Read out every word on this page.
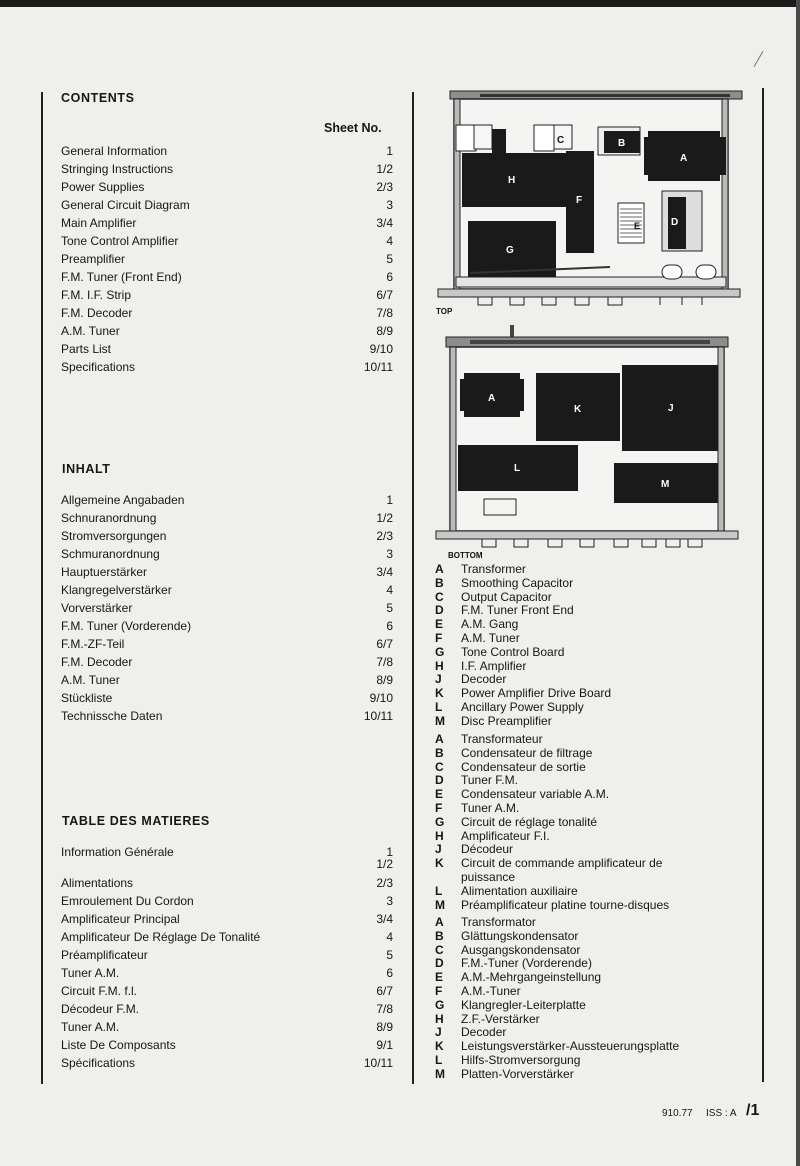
CONTENTS
Sheet No.
General Information	1
Stringing Instructions	1/2
Power Supplies	2/3
General Circuit Diagram	3
Main Amplifier	3/4
Tone Control Amplifier	4
Preamplifier	5
F.M. Tuner (Front End)	6
F.M. I.F. Strip	6/7
F.M. Decoder	7/8
A.M. Tuner	8/9
Parts List	9/10
Specifications	10/11
INHALT
Allgemeine Angabaden	1
Schnuranordnung	1/2
Stromversorgungen	2/3
Schmuranordnung	3
Hauptuerstärker	3/4
Klangregelverstärker	4
Vorverstärker	5
F.M. Tuner (Vorderende)	6
F.M.-ZF-Teil	6/7
F.M. Decoder	7/8
A.M. Tuner	8/9
Stückliste	9/10
Technissche Daten	10/11
TABLE DES MATIERES
Information Générale	1
1/2
Alimentations	2/3
Emroulement Du Cordon	3
Amplificateur Principal	3/4
Amplificateur De Réglage De Tonalité	4
Préamplificateur	5
Tuner A.M.	6
Circuit F.M. f.l.	6/7
Décodeur F.M.	7/8
Tuner A.M.	8/9
Liste De Composants	9/1
Spécifications	10/11
C
H
F
B
A
E	D
G
TOP
A
K	J
L
M
BOTTOM
A	Transformer
B	Smoothing Capacitor
C	Output Capacitor
D	F.M. Tuner Front End
E	A.M. Gang
F	A.M. Tuner
G	Tone Control Board
H	I.F. Amplifier
J	Decoder
K	Power Amplifier Drive Board
L	Ancillary Power Supply
M	Disc Preamplifier
A	Transformateur
B	Condensateur de filtrage
C	Condensateur de sortie
D	Tuner F.M.
E	Condensateur variable A.M.
F	Tuner A.M.
G	Circuit de réglage tonalité
H	Amplificateur F.I.
J	Décodeur
K	Circuit de commande amplificateur de
puissance
L	Alimentation auxiliaire
M	Préamplificateur platine tourne-disques
A	Transformator
B	Glättungskondensator
C	Ausgangskondensator
D	F.M.-Tuner (Vorderende)
E	A.M.-Mehrgangeinstellung
F	A.M.-Tuner
G	Klangregler-Leiterplatte
H	Z.F.-Verstärker
J	Decoder
K	Leistungsverstärker-Aussteuerungsplatte
L	Hilfs-Stromversorgung
M	Platten-Vorverstärker
910.77 ISS : A /1
